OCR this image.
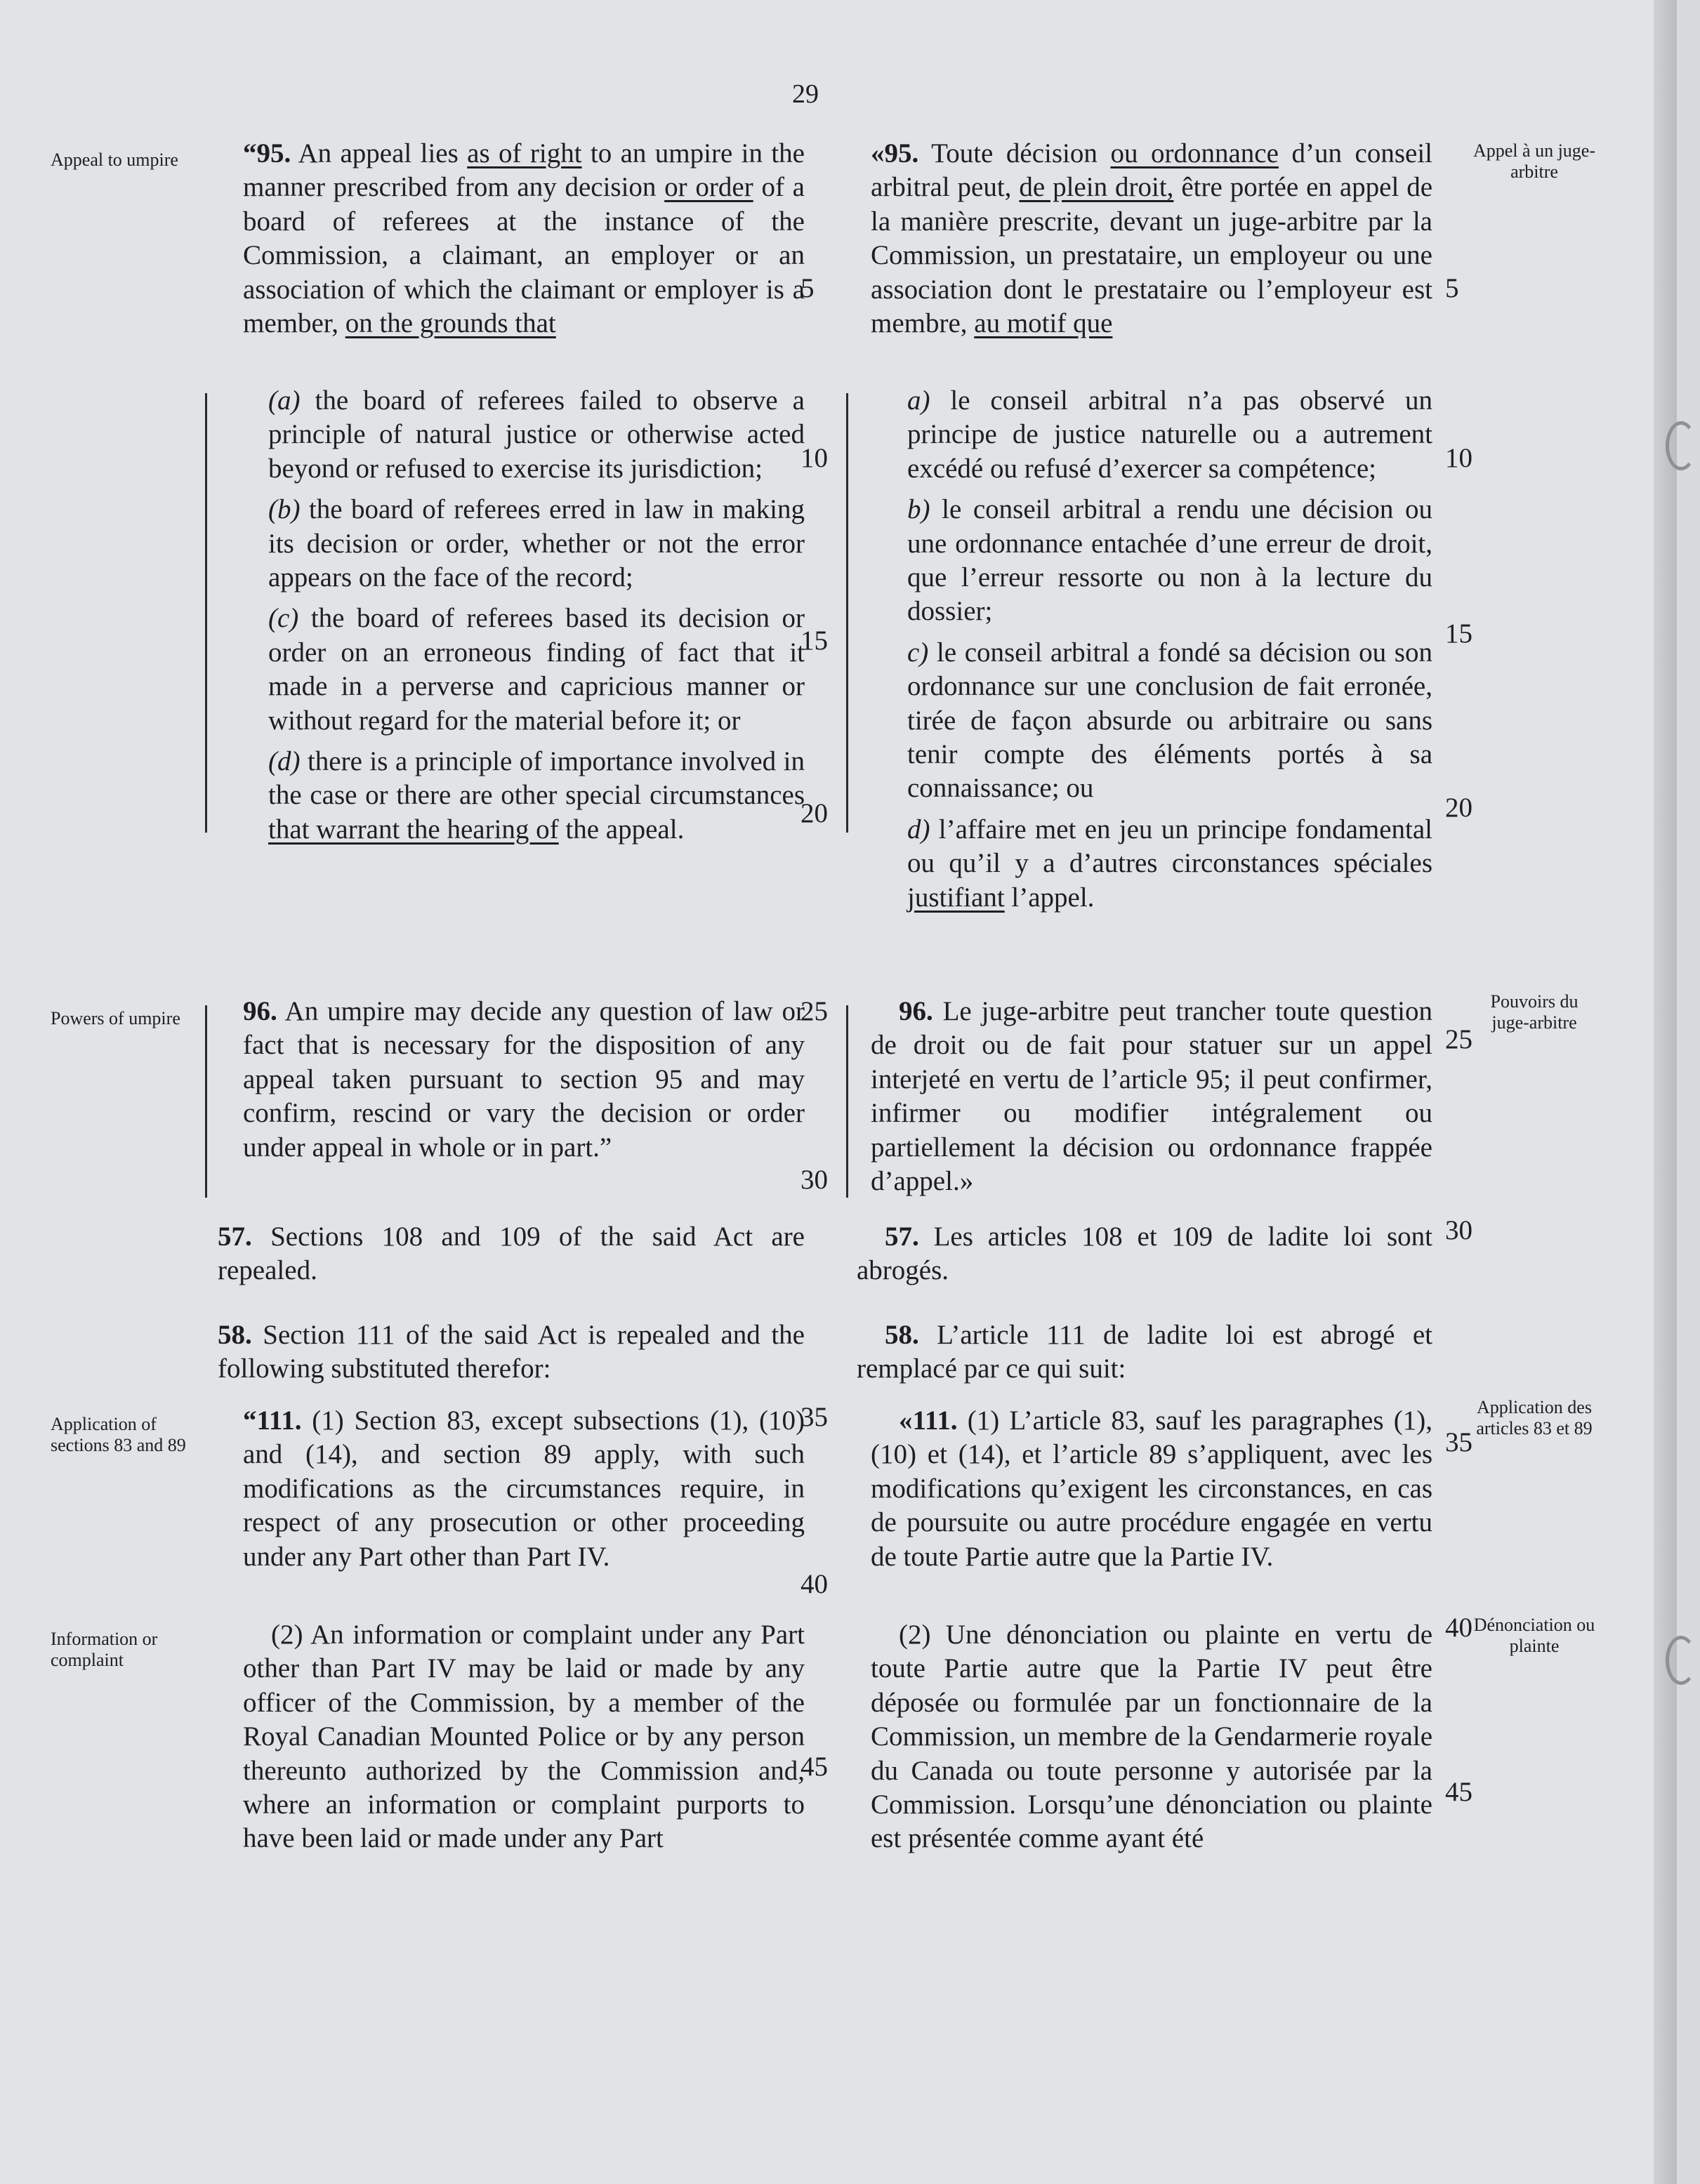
29
Appeal to umpire
Powers of umpire
Application of sections 83 and 89
Information or complaint
Appel à un juge-arbitre
Pouvoirs du juge-arbitre
Application des articles 83 et 89
Dénonciation ou plainte

“95. An appeal lies as of right to an umpire in the manner prescribed from any decision or order of a board of referees at the instance of the Commission, a claimant, an employer or an association of which the claimant or employer is a member, on the grounds that

(a) the board of referees failed to observe a principle of natural justice or otherwise acted beyond or refused to exercise its jurisdiction;

(b) the board of referees erred in law in making its decision or order, whether or not the error appears on the face of the record;

(c) the board of referees based its decision or order on an erroneous finding of fact that it made in a perverse and capricious manner or without regard for the material before it; or

(d) there is a principle of importance involved in the case or there are other special circumstances that warrant the hearing of the appeal.

96. An umpire may decide any question of law or fact that is necessary for the disposition of any appeal taken pursuant to section 95 and may confirm, rescind or vary the decision or order under appeal in whole or in part.”

57. Sections 108 and 109 of the said Act are repealed.

58. Section 111 of the said Act is repealed and the following substituted therefor:

“111. (1) Section 83, except subsections (1), (10) and (14), and section 89 apply, with such modifications as the circumstances require, in respect of any prosecution or other proceeding under any Part other than Part IV.

(2) An information or complaint under any Part other than Part IV may be laid or made by any officer of the Commission, by a member of the Royal Canadian Mounted Police or by any person thereunto authorized by the Commission and, where an information or complaint purports to have been laid or made under any Part

«95. Toute décision ou ordonnance d’un conseil arbitral peut, de plein droit, être portée en appel de la manière prescrite, devant un juge-arbitre par la Commission, un prestataire, un employeur ou une association dont le prestataire ou l’employeur est membre, au motif que

a) le conseil arbitral n’a pas observé un principe de justice naturelle ou a autrement excédé ou refusé d’exercer sa compétence;

b) le conseil arbitral a rendu une décision ou une ordonnance entachée d’une erreur de droit, que l’erreur ressorte ou non à la lecture du dossier;

c) le conseil arbitral a fondé sa décision ou son ordonnance sur une conclusion de fait erronée, tirée de façon absurde ou arbitraire ou sans tenir compte des éléments portés à sa connaissance; ou

d) l’affaire met en jeu un principe fondamental ou qu’il y a d’autres circonstances spéciales justifiant l’appel.

96. Le juge-arbitre peut trancher toute question de droit ou de fait pour statuer sur un appel interjeté en vertu de l’article 95; il peut confirmer, infirmer ou modifier intégralement ou partiellement la décision ou ordonnance frappée d’appel.»

57. Les articles 108 et 109 de ladite loi sont abrogés.

58. L’article 111 de ladite loi est abrogé et remplacé par ce qui suit:

«111. (1) L’article 83, sauf les paragraphes (1), (10) et (14), et l’article 89 s’appliquent, avec les modifications qu’exigent les circonstances, en cas de poursuite ou autre procédure engagée en vertu de toute Partie autre que la Partie IV.

(2) Une dénonciation ou plainte en vertu de toute Partie autre que la Partie IV peut être déposée ou formulée par un fonctionnaire de la Commission, un membre de la Gendarmerie royale du Canada ou toute personne y autorisée par la Commission. Lorsqu’une dénonciation ou plainte est présentée comme ayant été

5
10
15
20
25
30
35
40
45
5
10
15
20
25
30
35
40
45
